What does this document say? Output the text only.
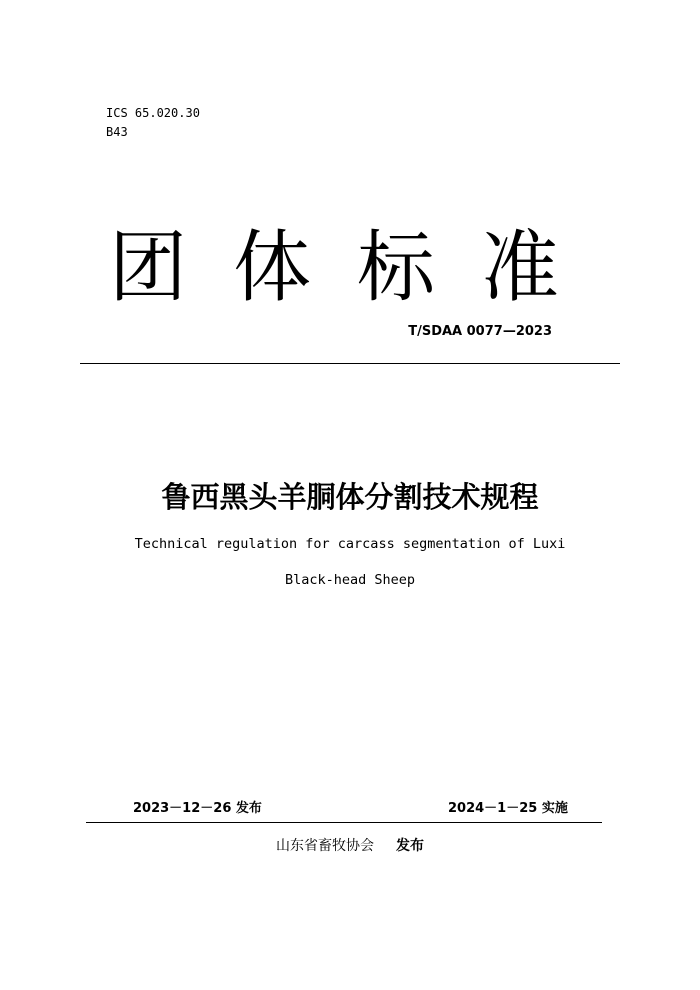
ICS 65.020.30
B43
团 体 标 准
T/SDAA 0077—2023
鲁西黑头羊胴体分割技术规程
Technical regulation for carcass segmentation of Luxi
Black-head Sheep
2023－12－26 发布	2024－1－25 实施
山东省畜牧协会 发布
